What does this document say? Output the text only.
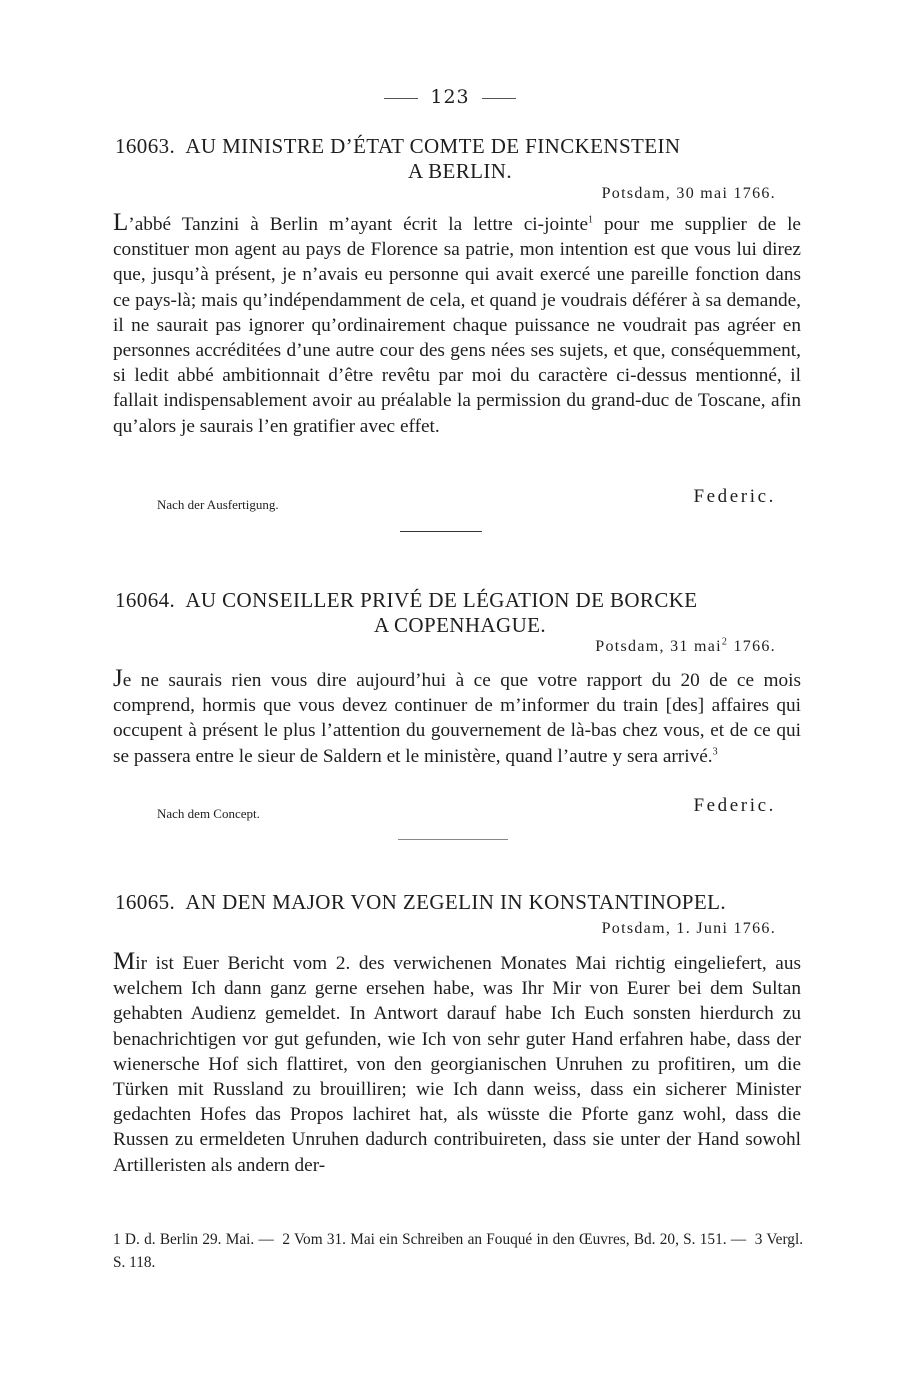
123
16063. AU MINISTRE D’ÉTAT COMTE DE FINCKENSTEIN
A BERLIN.
Potsdam, 30 mai 1766.
L’abbé Tanzini à Berlin m’ayant écrit la lettre ci-jointe$^1$ pour me supplier de le constituer mon agent au pays de Florence sa patrie, mon intention est que vous lui direz que, jusqu’à présent, je n’avais eu personne qui avait exercé une pareille fonction dans ce pays-là; mais qu’indépendamment de cela, et quand je voudrais déférer à sa demande, il ne saurait pas ignorer qu’ordinairement chaque puissance ne voudrait pas agréer en personnes accréditées d’une autre cour des gens nées ses sujets, et que, conséquemment, si ledit abbé ambitionnait d’être revêtu par moi du caractère ci-dessus mentionné, il fallait indispensablement avoir au préalable la permission du grand-duc de Toscane, afin qu’alors je saurais l’en gratifier avec effet.
Nach der Ausfertigung.	Federic.
16064. AU CONSEILLER PRIVÉ DE LÉGATION DE BORCKE
A COPENHAGUE.
Potsdam, 31 mai$^2$ 1766.
Je ne saurais rien vous dire aujourd’hui à ce que votre rapport du 20 de ce mois comprend, hormis que vous devez continuer de m’informer du train [des] affaires qui occupent à présent le plus l’attention du gouvernement de là-bas chez vous, et de ce qui se passera entre le sieur de Saldern et le ministère, quand l’autre y sera arrivé.$^3$
Nach dem Concept.	Federic.
16065. AN DEN MAJOR VON ZEGELIN IN KONSTANTINOPEL.
Potsdam, 1. Juni 1766.
Mir ist Euer Bericht vom 2. des verwichenen Monates Mai richtig eingeliefert, aus welchem Ich dann ganz gerne ersehen habe, was Ihr Mir von Eurer bei dem Sultan gehabten Audienz gemeldet. In Antwort darauf habe Ich Euch sonsten hierdurch zu benachrichtigen vor gut gefunden, wie Ich von sehr guter Hand erfahren habe, dass der wienersche Hof sich flattiret, von den georgianischen Unruhen zu profitiren, um die Türken mit Russland zu brouilliren; wie Ich dann weiss, dass ein sicherer Minister gedachten Hofes das Propos lachiret hat, als wüsste die Pforte ganz wohl, dass die Russen zu ermeldeten Unruhen dadurch contribuireten, dass sie unter der Hand sowohl Artilleristen als andern der-
1 D. d. Berlin 29. Mai. — 2 Vom 31. Mai ein Schreiben an Fouqué in den Œuvres, Bd. 20, S. 151. — 3 Vergl. S. 118.
